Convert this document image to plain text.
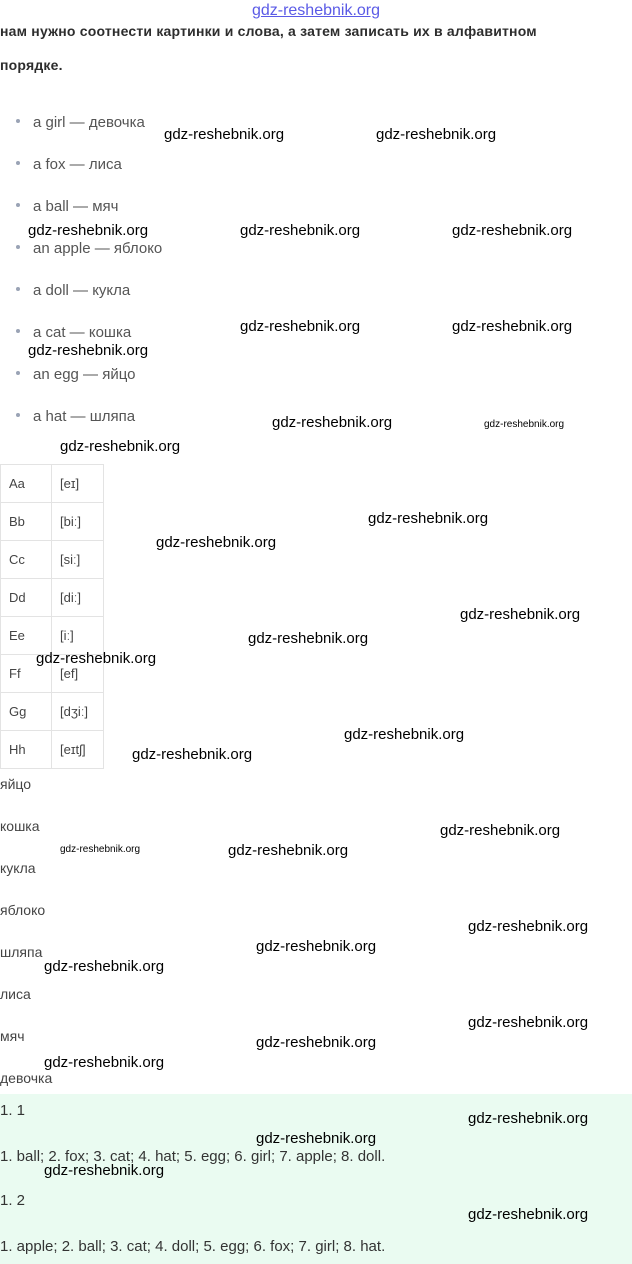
gdz-reshebnik.org
нам нужно соотнести картинки и слова, а затем записать их в алфавитном
порядке.
a girl — девочка
a fox — лиса
a ball — мяч
an apple — яблоко
a doll — кукла
a cat — кошка
an egg — яйцо
a hat — шляпа
Aa	[eɪ]
Bb	[biː]
Cc	[siː]
Dd	[diː]
Ee	[iː]
Ff	[ef]
Gg	[dʒiː]
Hh	[eɪtʃ]
яйцо
кошка
кукла
яблоко
шляпа
лиса
мяч
девочка
1. 1
1. ball; 2. fox; 3. cat; 4. hat; 5. egg; 6. girl; 7. apple; 8. doll.
1. 2
1. apple; 2. ball; 3. cat; 4. doll; 5. egg; 6. fox; 7. girl; 8. hat.
gdz-reshebnik.org	gdz-reshebnik.org
gdz-reshebnik.org	gdz-reshebnik.org	gdz-reshebnik.org
gdz-reshebnik.org	gdz-reshebnik.org
gdz-reshebnik.org
gdz-reshebnik.org	gdz-reshebnik.org
gdz-reshebnik.org
gdz-reshebnik.org
gdz-reshebnik.org
gdz-reshebnik.org
gdz-reshebnik.org
gdz-reshebnik.org
gdz-reshebnik.org
gdz-reshebnik.org
gdz-reshebnik.org
gdz-reshebnik.org	gdz-reshebnik.org
gdz-reshebnik.org
gdz-reshebnik.org
gdz-reshebnik.org
gdz-reshebnik.org
gdz-reshebnik.org
gdz-reshebnik.org
gdz-reshebnik.org
gdz-reshebnik.org
gdz-reshebnik.org
gdz-reshebnik.org
